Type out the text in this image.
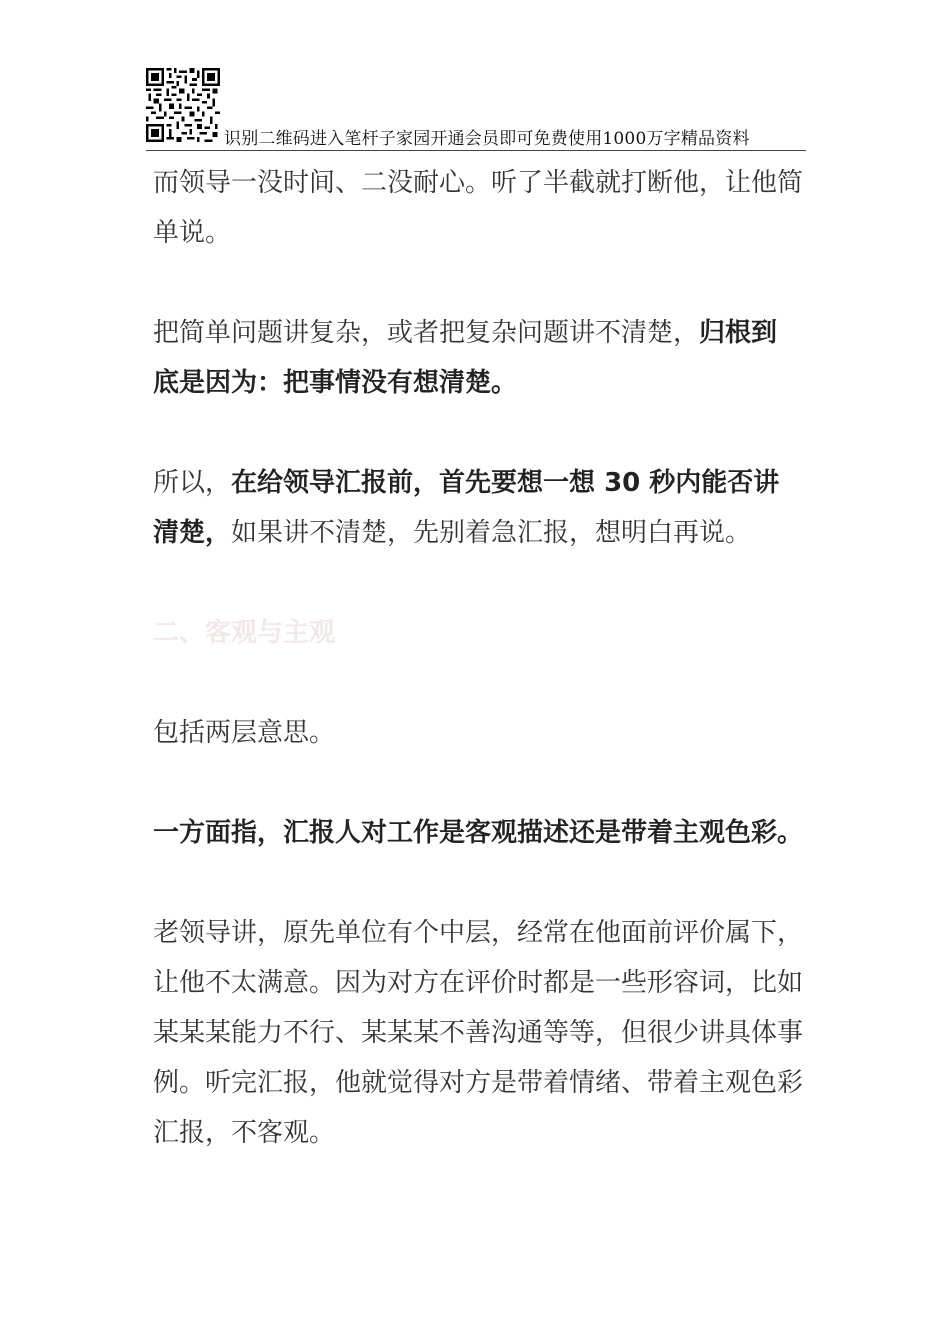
识别二维码进入笔杆子家园开通会员即可免费使用1000万字精品资料

而领导一没时间、二没耐心。听了半截就打断他，让他简单说。

把简单问题讲复杂，或者把复杂问题讲不清楚，归根到底是因为：把事情没有想清楚。

所以，在给领导汇报前，首先要想一想 30 秒内能否讲清楚，如果讲不清楚，先别着急汇报，想明白再说。

二、客观与主观

包括两层意思。

一方面指，汇报人对工作是客观描述还是带着主观色彩。

老领导讲，原先单位有个中层，经常在他面前评价属下，让他不太满意。因为对方在评价时都是一些形容词，比如某某某能力不行、某某某不善沟通等等，但很少讲具体事例。听完汇报，他就觉得对方是带着情绪、带着主观色彩汇报，不客观。
